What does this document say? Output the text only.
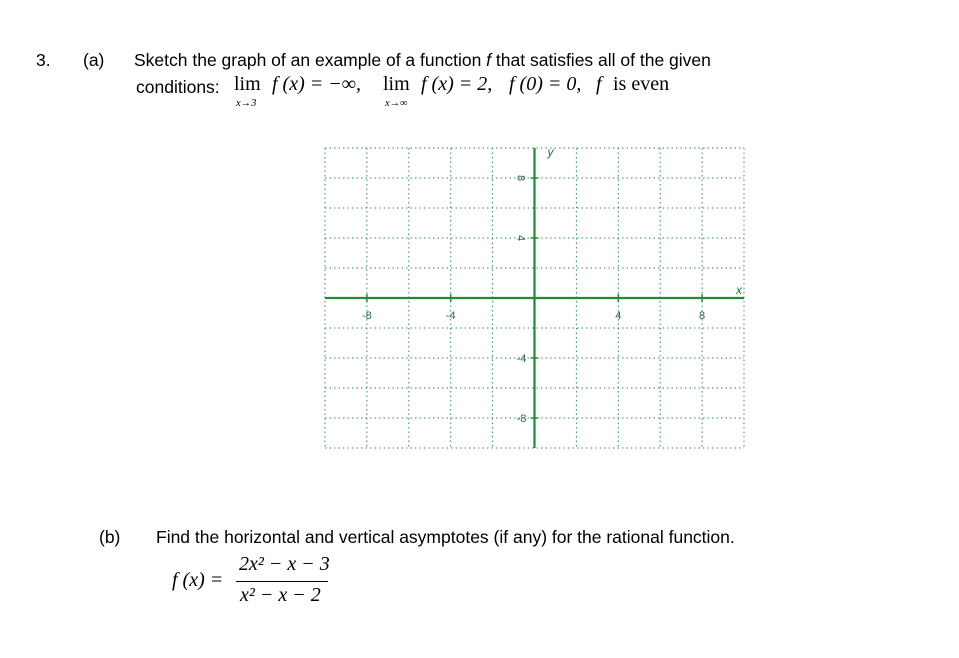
3. (a) Sketch the graph of an example of a function f that satisfies all of the given
conditions: lim
x→3
f (x) = −∞, lim
x→∞
f (x) = 2, f (0) = 0, f is even
-8	-4	4	8
8
4
-4
-8
x
y
(b) Find the horizontal and vertical asymptotes (if any) for the rational function.
f (x) =
2x² − x − 3
x² − x − 2
